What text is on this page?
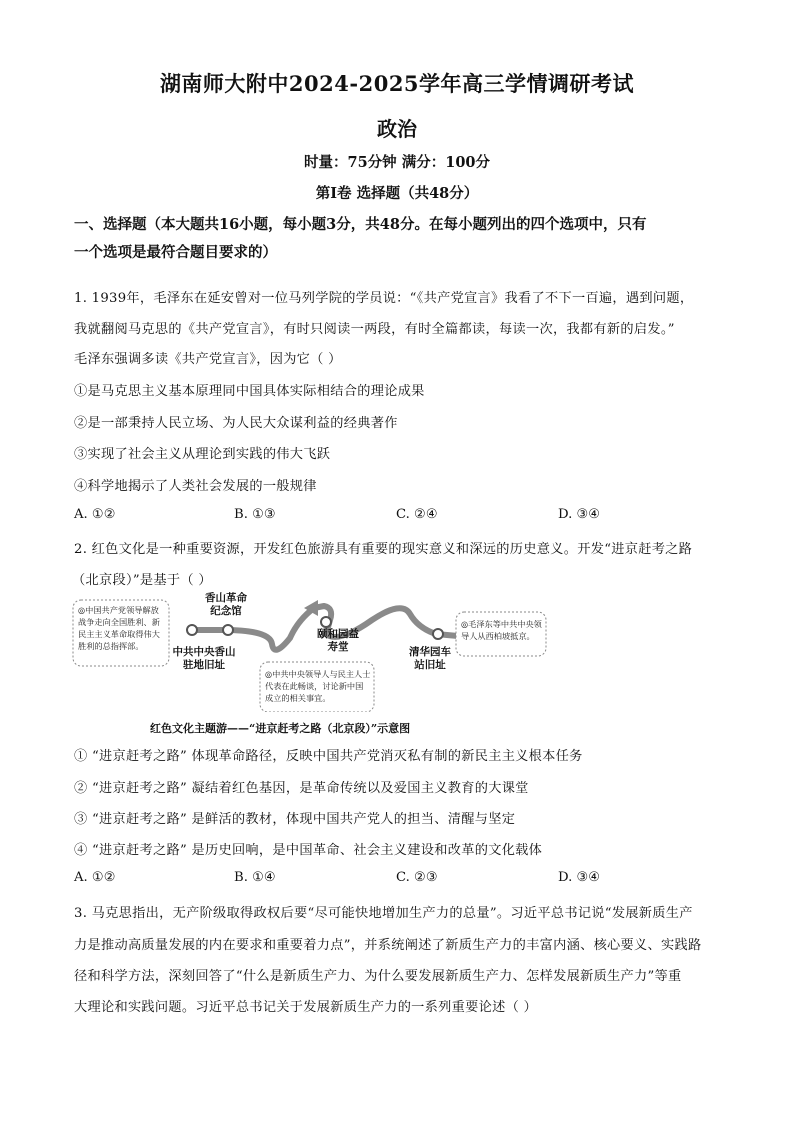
湖南师大附中2024-2025学年高三学情调研考试
政治
时量：75分钟 满分：100分
第Ⅰ卷 选择题（共48分）
一、选择题（本大题共16小题，每小题3分，共48分。在每小题列出的四个选项中，只有
一个选项是最符合题目要求的）
1. 1939年，毛泽东在延安曾对一位马列学院的学员说：“《共产党宣言》我看了不下一百遍，遇到问题，
我就翻阅马克思的《共产党宣言》，有时只阅读一两段，有时全篇都读，每读一次，我都有新的启发。”
毛泽东强调多读《共产党宣言》，因为它（ ）
①是马克思主义基本原理同中国具体实际相结合的理论成果
②是一部秉持人民立场、为人民大众谋利益的经典著作
③实现了社会主义从理论到实践的伟大飞跃
④科学地揭示了人类社会发展的一般规律
A. ①②	B. ①③	C. ②④	D. ③④
2. 红色文化是一种重要资源，开发红色旅游具有重要的现实意义和深远的历史意义。开发“进京赶考之路
（北京段）”是基于（ ）
◎中国共产党领导解放战争走向全国胜利、新民主主义革命取得伟大胜利的总指挥部。
◎中共中央领导人与民主人士代表在此畅谈，讨论新中国成立的相关事宜。
◎毛泽东等中共中央领导人从西柏坡抵京。
香山革命纪念馆
中共中央香山驻地旧址
颐和园益寿堂	清华园车站旧址
红色文化主题游——“进京赶考之路（北京段）”示意图
① “进京赶考之路” 体现革命路径，反映中国共产党消灭私有制的新民主主义根本任务
② “进京赶考之路” 凝结着红色基因，是革命传统以及爱国主义教育的大课堂
③ “进京赶考之路” 是鲜活的教材，体现中国共产党人的担当、清醒与坚定
④ “进京赶考之路” 是历史回响，是中国革命、社会主义建设和改革的文化载体
A. ①②	B. ①④	C. ②③	D. ③④
3. 马克思指出，无产阶级取得政权后要“尽可能快地增加生产力的总量”。习近平总书记说“发展新质生产
力是推动高质量发展的内在要求和重要着力点”，并系统阐述了新质生产力的丰富内涵、核心要义、实践路
径和科学方法，深刻回答了“什么是新质生产力、为什么要发展新质生产力、怎样发展新质生产力”等重
大理论和实践问题。习近平总书记关于发展新质生产力的一系列重要论述（ ）
